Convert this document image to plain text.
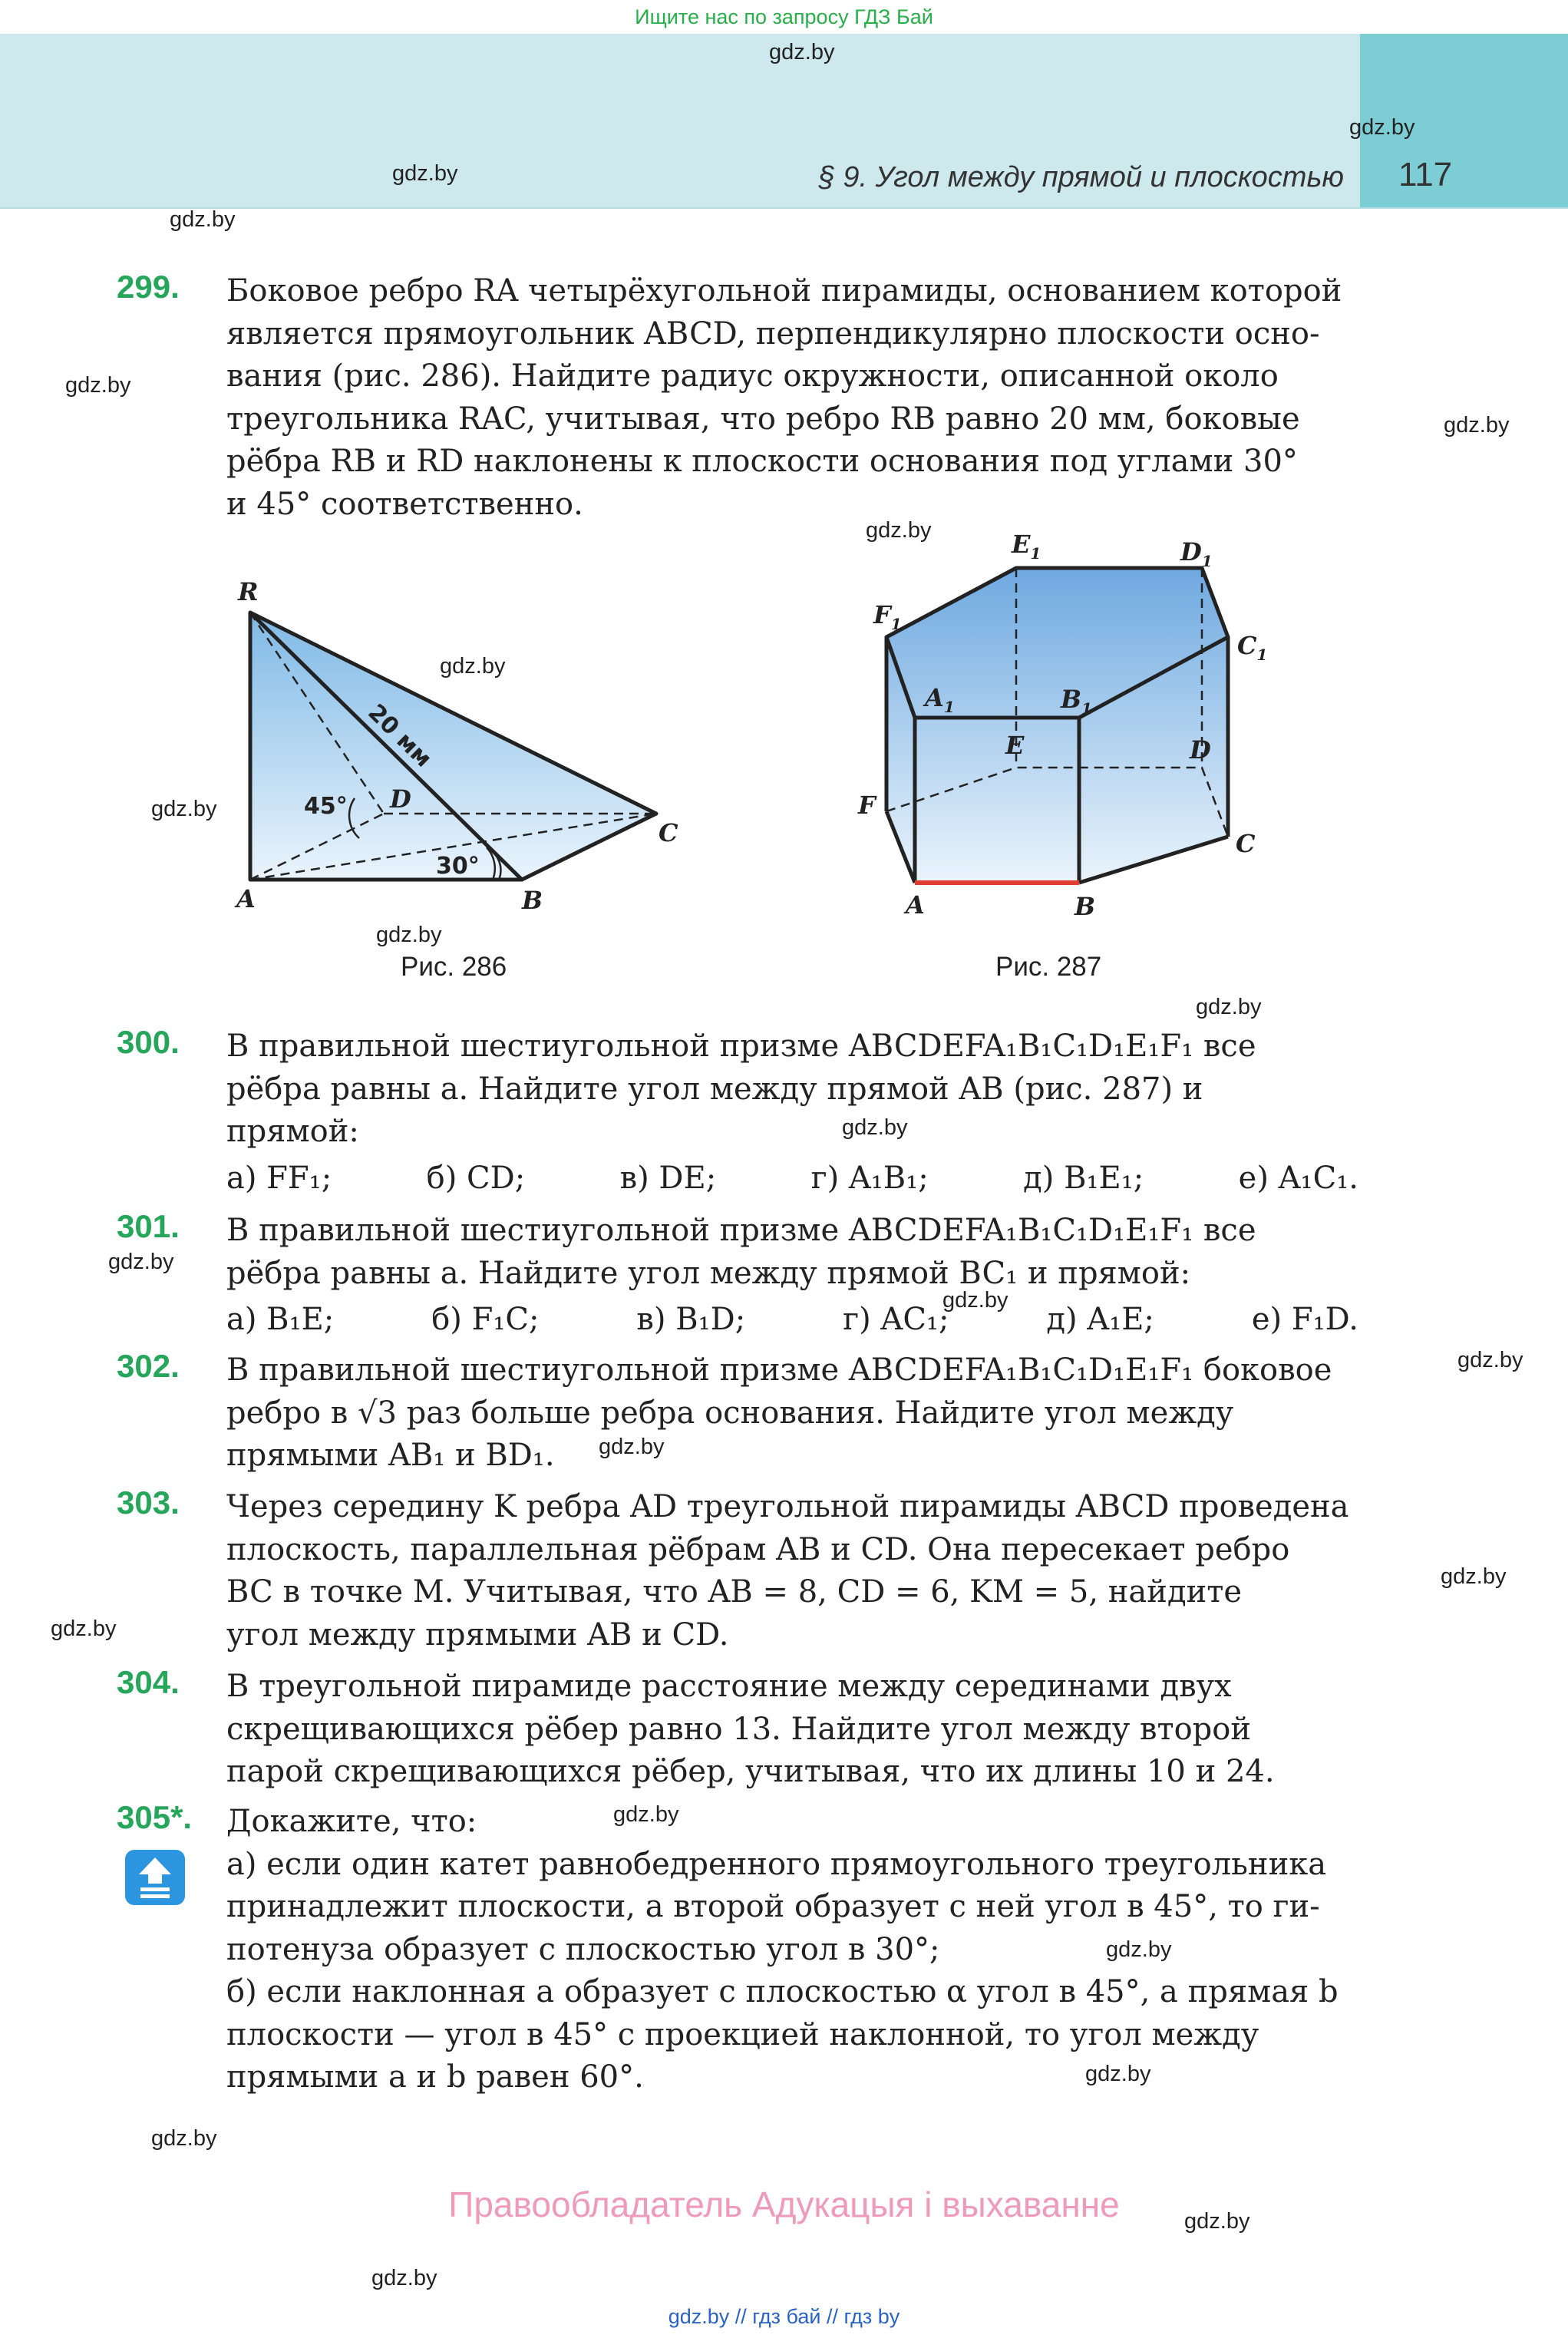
Ищите нас по запросу ГДЗ Бай
§ 9. Угол между прямой и плоскостью 117
gdz.by
gdz.by
gdz.by
gdz.by
gdz.by
gdz.by
gdz.by
gdz.by
gdz.by
gdz.by
gdz.by
gdz.by
gdz.by
gdz.by
gdz.by
gdz.by
gdz.by
gdz.by
gdz.by
gdz.by
gdz.by
gdz.by
gdz.by
gdz.by
299. Боковое ребро RA четырёхугольной пирамиды, основанием которой
является прямоугольник ABCD, перпендикулярно плоскости осно-
вания (рис. 286). Найдите радиус окружности, описанной около
треугольника RAC, учитывая, что ребро RB равно 20 мм, боковые
рёбра RB и RD наклонены к плоскости основания под углами 30°
и 45° соответственно.
R
A	B
C
D
45°
30°
20 мм
Рис. 286
A	B
C
D
E
F
$A_1$	$B_1$
$C_1$
$D_1$
$E_1$
$F_1$
Рис. 287
300. В правильной шестиугольной призме ABCDEFA₁B₁C₁D₁E₁F₁ все
рёбра равны a. Найдите угол между прямой AB (рис. 287) и
прямой:
а) FF₁;	б) CD;	в) DE;	г) A₁B₁;	д) B₁E₁;	е) A₁C₁.
301. В правильной шестиугольной призме ABCDEFA₁B₁C₁D₁E₁F₁ все
рёбра равны a. Найдите угол между прямой BC₁ и прямой:
а) B₁E;	б) F₁C;	в) B₁D;	г) AC₁;	д) A₁E;	е) F₁D.
302. В правильной шестиугольной призме ABCDEFA₁B₁C₁D₁E₁F₁ боковое
ребро в √3 раз больше ребра основания. Найдите угол между
прямыми AB₁ и BD₁.
303. Через середину K ребра AD треугольной пирамиды ABCD проведена
плоскость, параллельная рёбрам AB и CD. Она пересекает ребро
BC в точке M. Учитывая, что AB = 8, CD = 6, KM = 5, найдите
угол между прямыми AB и CD.
304. В треугольной пирамиде расстояние между серединами двух
скрещивающихся рёбер равно 13. Найдите угол между второй
парой скрещивающихся рёбер, учитывая, что их длины 10 и 24.
305*. Докажите, что:
а) если один катет равнобедренного прямоугольного треугольника
принадлежит плоскости, а второй образует с ней угол в 45°, то ги-
потенуза образует с плоскостью угол в 30°;
б) если наклонная a образует с плоскостью α угол в 45°, а прямая b
плоскости — угол в 45° с проекцией наклонной, то угол между
прямыми a и b равен 60°.
Правообладатель Адукацыя і выхаванне
gdz.by // гдз бай // гдз by
